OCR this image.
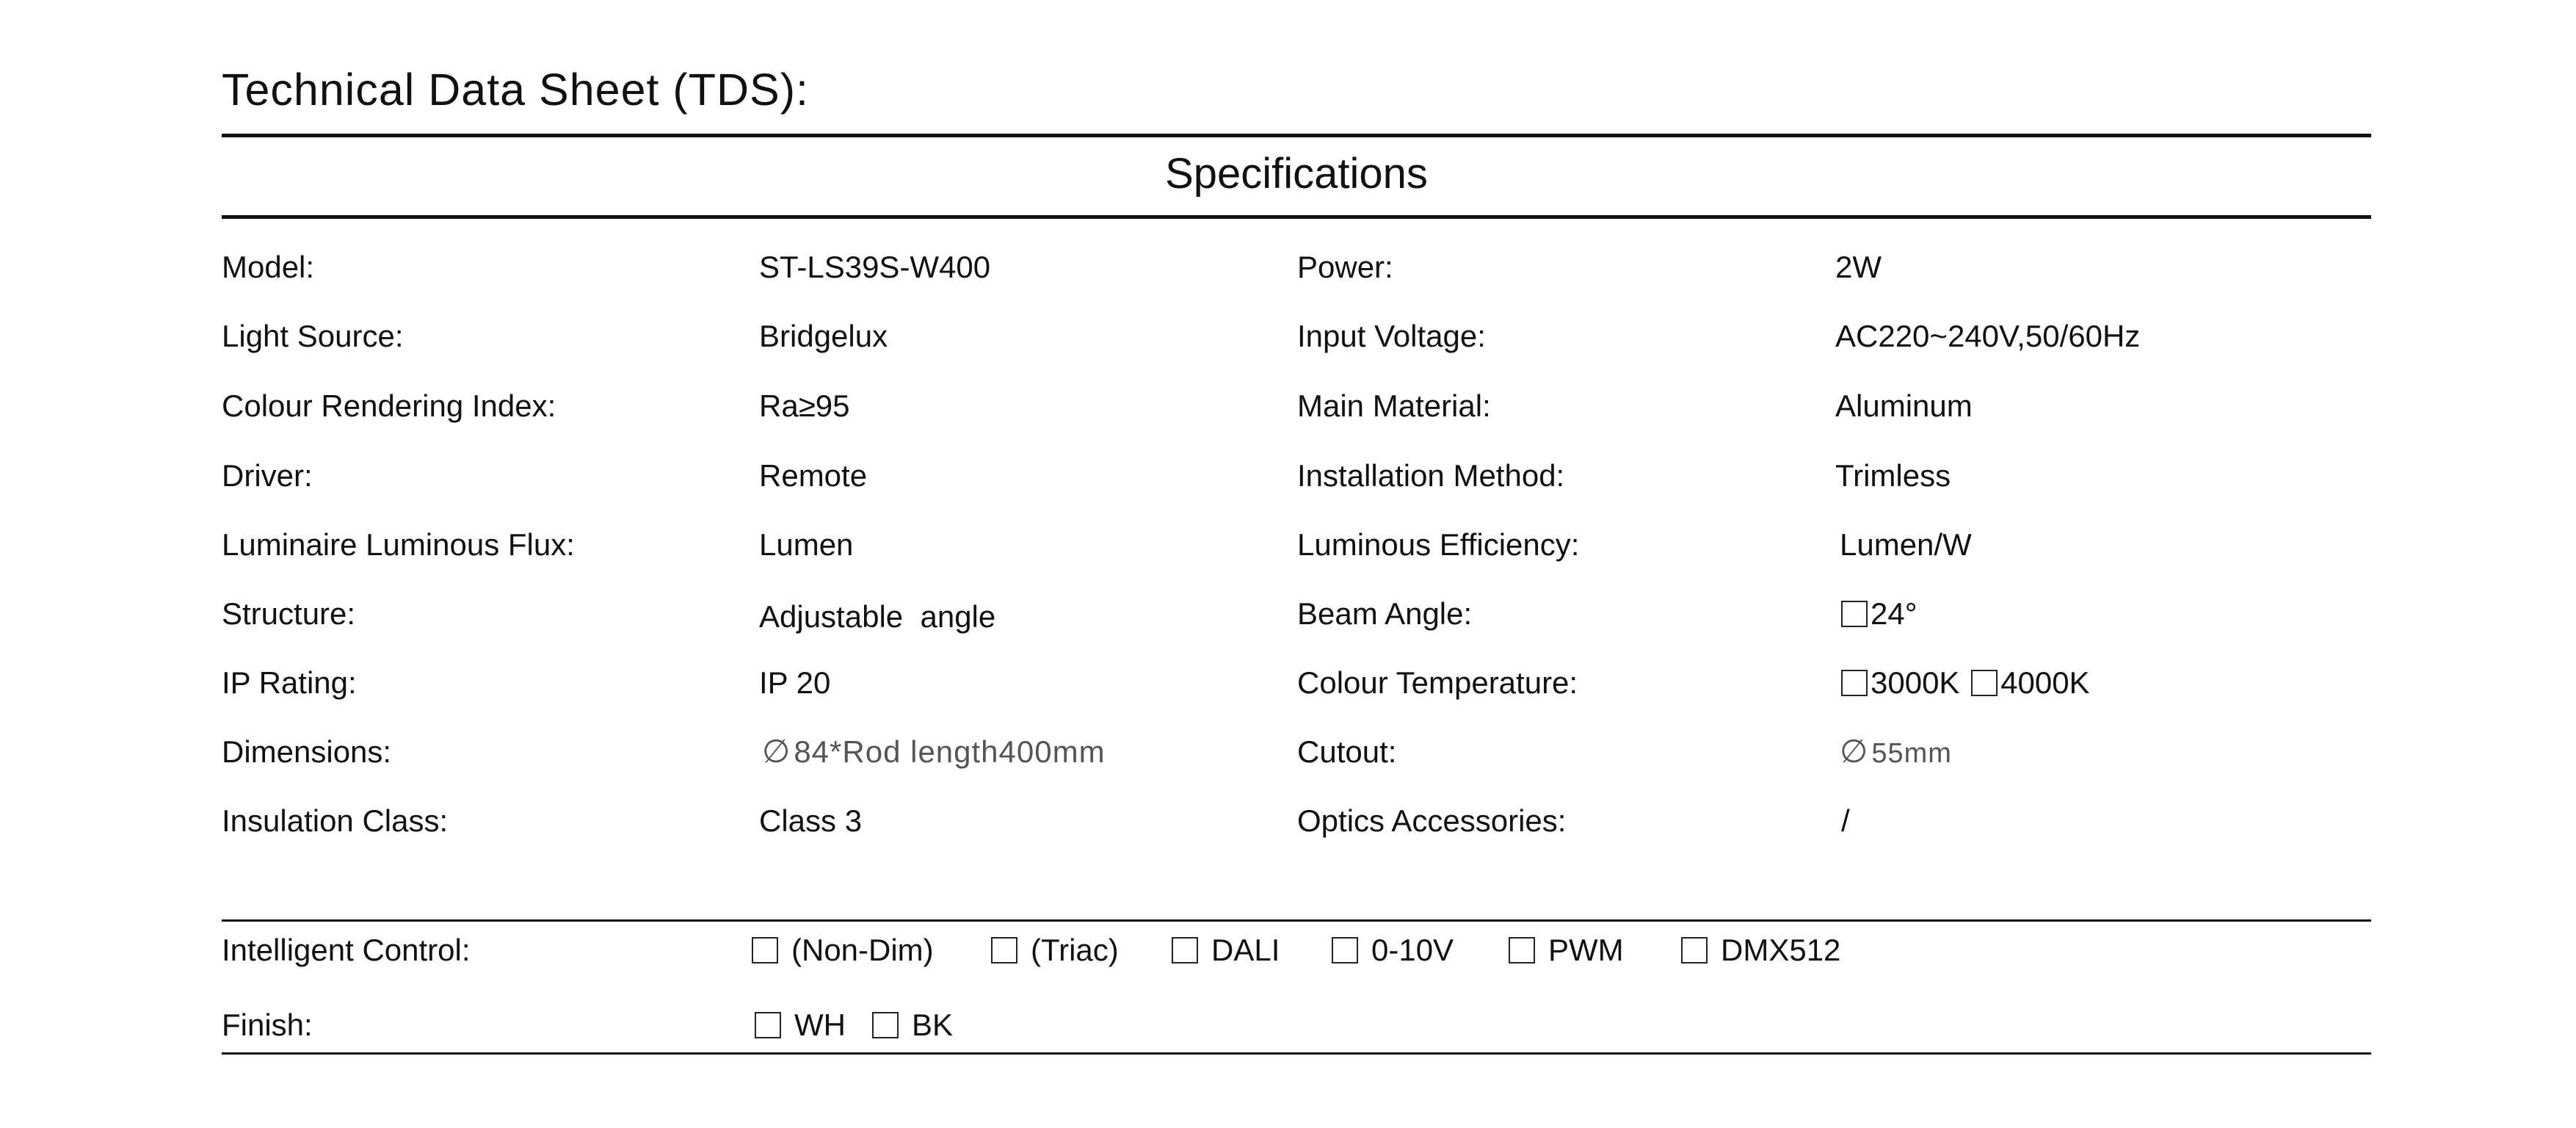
Technical Data Sheet (TDS):
Specifications
Model:	ST-LS39S-W400	Power:	2W
Light Source:	Bridgelux	Input Voltage:	AC220~240V,50/60Hz
Colour Rendering Index:	Ra≥95	Main Material:	Aluminum
Driver:	Remote	Installation Method:	Trimless
Luminaire Luminous Flux:	Lumen	Luminous Efficiency:	Lumen/W
Structure:	Adjustable  angle	Beam Angle:	24°
IP Rating:	IP 20	Colour Temperature:	3000K 4000K
Dimensions:	∅84*Rod length400mm	Cutout:	∅ 55mm
Insulation Class:	Class 3	Optics Accessories:	/
Intelligent Control:	(Non-Dim)	(Triac)	DALI	0-10V	PWM	DMX512
Finish:	WH	BK
